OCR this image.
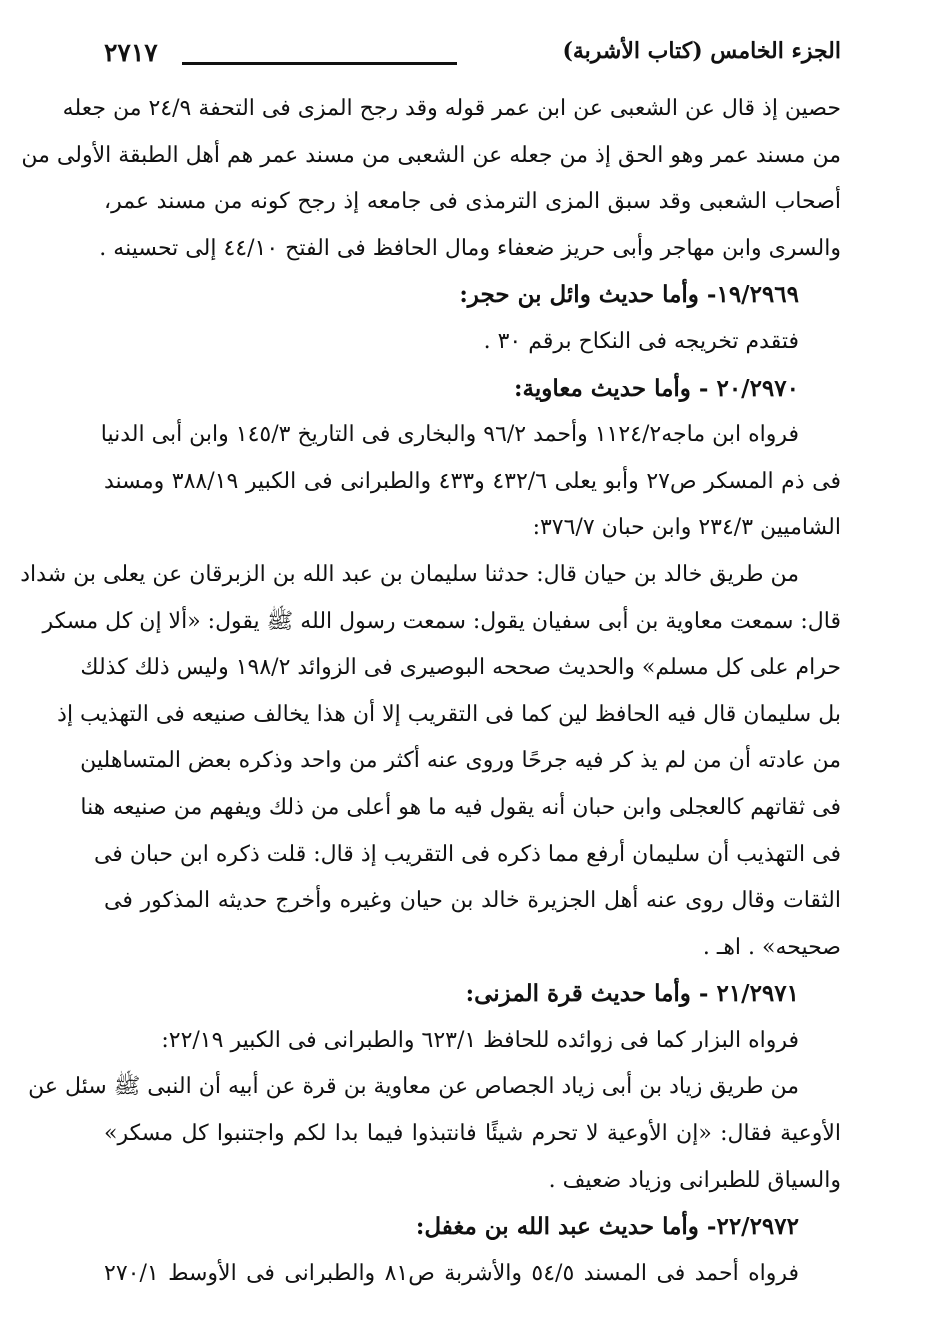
٢٧١٧	الجزء الخامس (كتاب الأشربة)
حصين إذ قال عن الشعبى عن ابن عمر قوله وقد رجح المزى فى التحفة ٢٤/٩ من جعله
من مسند عمر وهو الحق إذ من جعله عن الشعبى من مسند عمر هم أهل الطبقة الأولى من
أصحاب الشعبى وقد سبق المزى الترمذى فى جامعه إذ رجح كونه من مسند عمر،
والسرى وابن مهاجر وأبى حريز ضعفاء ومال الحافظ فى الفتح ٤٤/١٠ إلى تحسينه .
١٩/٢٩٦٩- وأما حديث وائل بن حجر:
فتقدم تخريجه فى النكاح برقم ٣٠ .
٢٠/٢٩٧٠ - وأما حديث معاوية:
فرواه ابن ماجه١١٢٤/٢ وأحمد ٩٦/٢ والبخارى فى التاريخ ١٤٥/٣ وابن أبى الدنيا
فى ذم المسكر ص٢٧ وأبو يعلى ٤٣٢/٦ و٤٣٣ والطبرانى فى الكبير ٣٨٨/١٩ ومسند
الشاميين ٢٣٤/٣ وابن حبان ٣٧٦/٧:
من طريق خالد بن حيان قال: حدثنا سليمان بن عبد الله بن الزبرقان عن يعلى بن شداد
قال: سمعت معاوية بن أبى سفيان يقول: سمعت رسول الله ﷺ يقول: «ألا إن كل مسكر
حرام على كل مسلم» والحديث صححه البوصيرى فى الزوائد ١٩٨/٢ وليس ذلك كذلك
بل سليمان قال فيه الحافظ لين كما فى التقريب إلا أن هذا يخالف صنيعه فى التهذيب إذ
من عادته أن من لم يذ كر فيه جرحًا وروى عنه أكثر من واحد وذكره بعض المتساهلين
فى ثقاتهم كالعجلى وابن حبان أنه يقول فيه ما هو أعلى من ذلك ويفهم من صنيعه هنا
فى التهذيب أن سليمان أرفع مما ذكره فى التقريب إذ قال: قلت ذكره ابن حبان فى
الثقات وقال روى عنه أهل الجزيرة خالد بن حيان وغيره وأخرج حديثه المذكور فى
صحيحه» . اهـ .
٢١/٢٩٧١ - وأما حديث قرة المزنى:
فرواه البزار كما فى زوائده للحافظ ٦٢٣/١ والطبرانى فى الكبير ٢٢/١٩:
من طريق زياد بن أبى زياد الجصاص عن معاوية بن قرة عن أبيه أن النبى ﷺ سئل عن
الأوعية فقال: «إن الأوعية لا تحرم شيئًا فانتبذوا فيما بدا لكم واجتنبوا كل مسكر»
والسياق للطبرانى وزياد ضعيف .
٢٢/٢٩٧٢- وأما حديث عبد الله بن مغفل:
فرواه أحمد فى المسند ٥٤/٥ والأشربة ص٨١ والطبرانى فى الأوسط ٢٧٠/١
